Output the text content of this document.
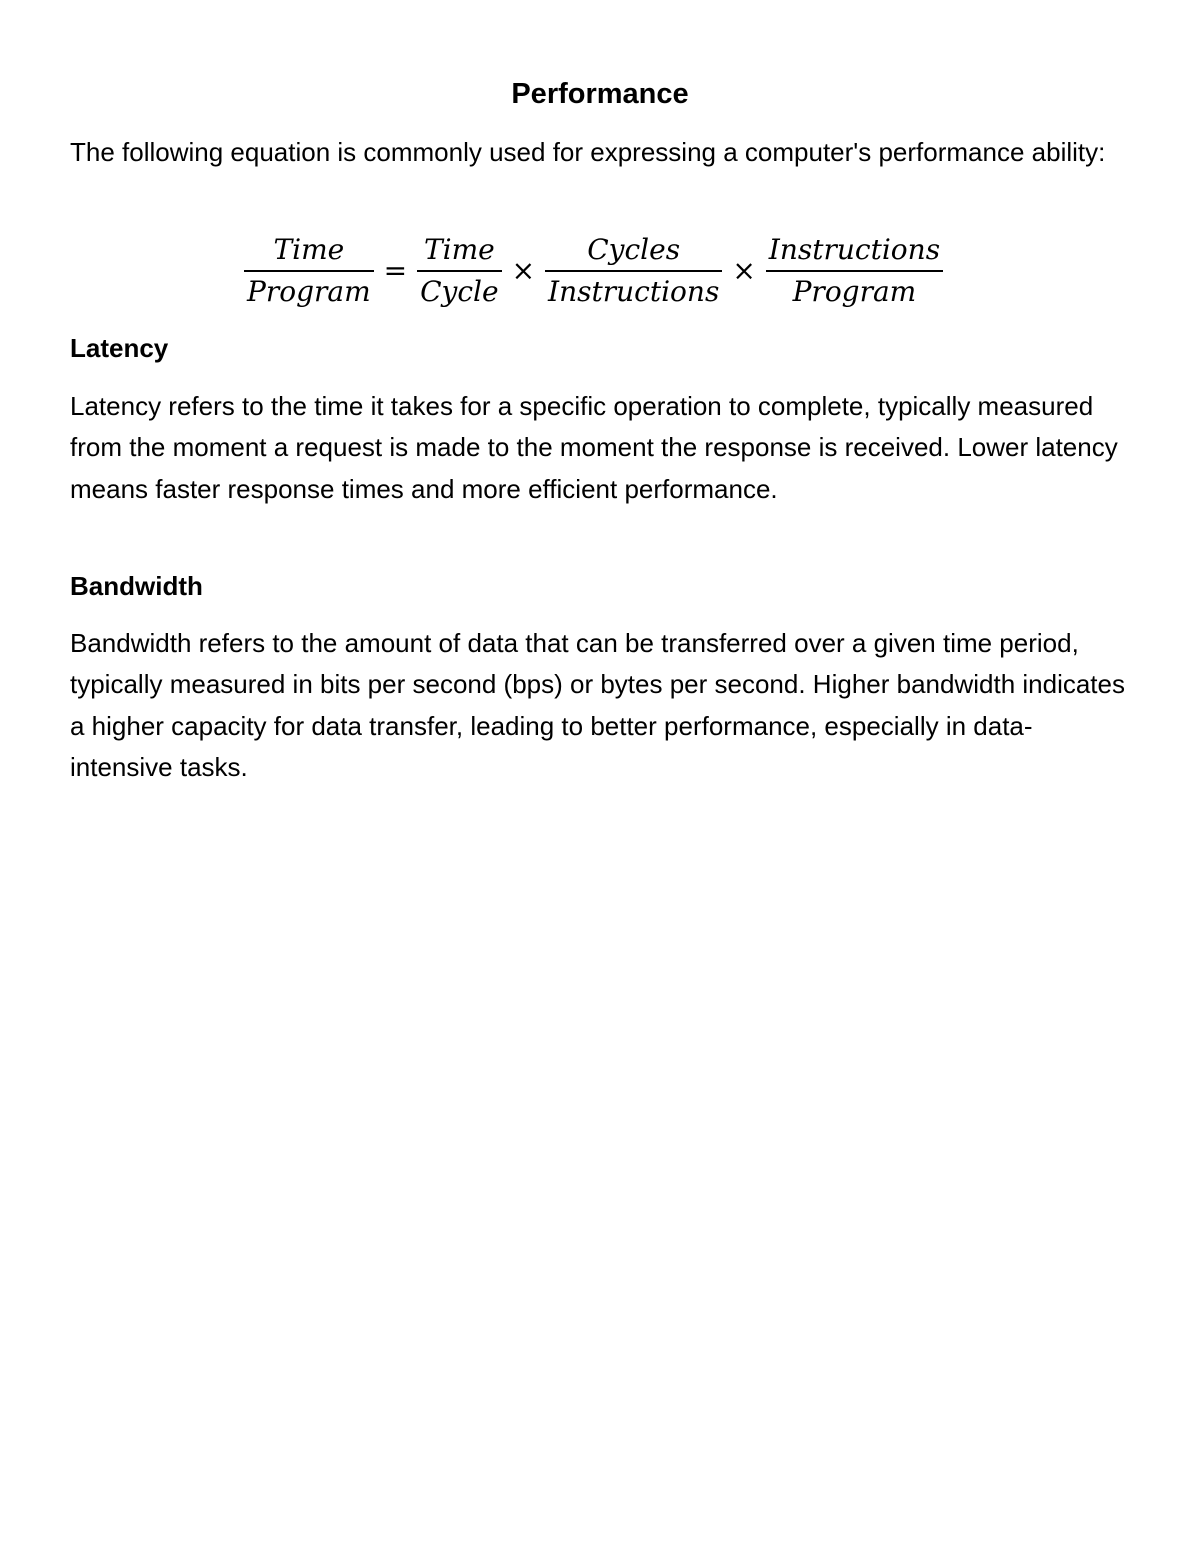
Performance
The following equation is commonly used for expressing a computer's performance ability:
$\frac{\text{Time}}{\text{Program}} = \frac{\text{Time}}{\text{Cycle}} \times \frac{\text{Cycles}}{\text{Instructions}} \times \frac{\text{Instructions}}{\text{Program}}$
Latency
Latency refers to the time it takes for a specific operation to complete, typically measured from the moment a request is made to the moment the response is received. Lower latency means faster response times and more efficient performance.
Bandwidth
Bandwidth refers to the amount of data that can be transferred over a given time period, typically measured in bits per second (bps) or bytes per second. Higher bandwidth indicates a higher capacity for data transfer, leading to better performance, especially in data-intensive tasks.
